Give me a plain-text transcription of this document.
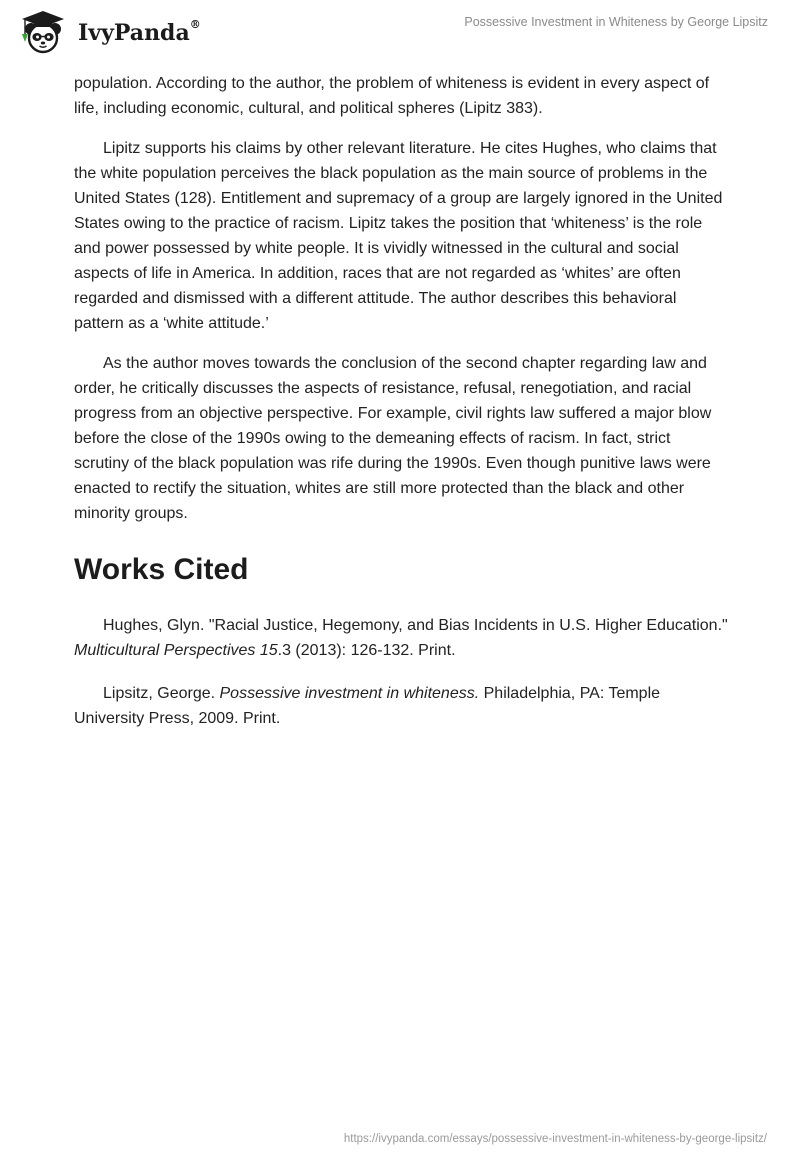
IvyPanda®	Possessive Investment in Whiteness by George Lipsitz

population. According to the author, the problem of whiteness is evident in every aspect of life, including economic, cultural, and political spheres (Lipitz 383).

Lipitz supports his claims by other relevant literature. He cites Hughes, who claims that the white population perceives the black population as the main source of problems in the United States (128). Entitlement and supremacy of a group are largely ignored in the United States owing to the practice of racism. Lipitz takes the position that ‘whiteness’ is the role and power possessed by white people. It is vividly witnessed in the cultural and social aspects of life in America. In addition, races that are not regarded as ‘whites’ are often regarded and dismissed with a different attitude. The author describes this behavioral pattern as a ‘white attitude.’

As the author moves towards the conclusion of the second chapter regarding law and order, he critically discusses the aspects of resistance, refusal, renegotiation, and racial progress from an objective perspective. For example, civil rights law suffered a major blow before the close of the 1990s owing to the demeaning effects of racism. In fact, strict scrutiny of the black population was rife during the 1990s. Even though punitive laws were enacted to rectify the situation, whites are still more protected than the black and other minority groups.

Works Cited

Hughes, Glyn. "Racial Justice, Hegemony, and Bias Incidents in U.S. Higher Education." Multicultural Perspectives 15.3 (2013): 126-132. Print.

Lipsitz, George. Possessive investment in whiteness. Philadelphia, PA: Temple University Press, 2009. Print.

https://ivypanda.com/essays/possessive-investment-in-whiteness-by-george-lipsitz/
